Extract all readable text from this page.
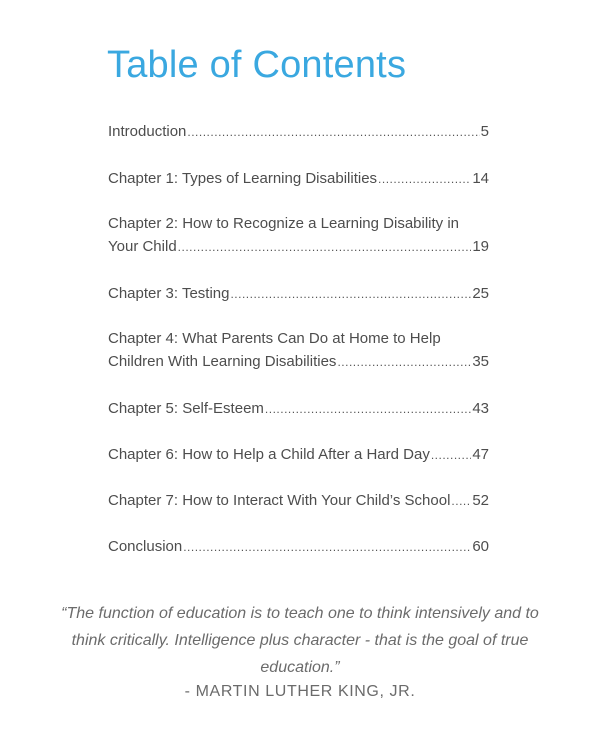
Table of Contents
Introduction .....	5
Chapter 1: Types of Learning Disabilities .....	14
Chapter 2: How to Recognize a Learning Disability in
Your Child .....	19
Chapter 3: Testing .....	25
Chapter 4: What Parents Can Do at Home to Help
Children With Learning Disabilities .....	35
Chapter 5: Self-Esteem .....	43
Chapter 6: How to Help a Child After a Hard Day .....	47
Chapter 7: How to Interact With Your Child’s School ..... 52
Conclusion .....	60

“The function of education is to teach one to think intensively and to think critically. Intelligence plus character - that is the goal of true education.”

- MARTIN LUTHER KING, JR.
